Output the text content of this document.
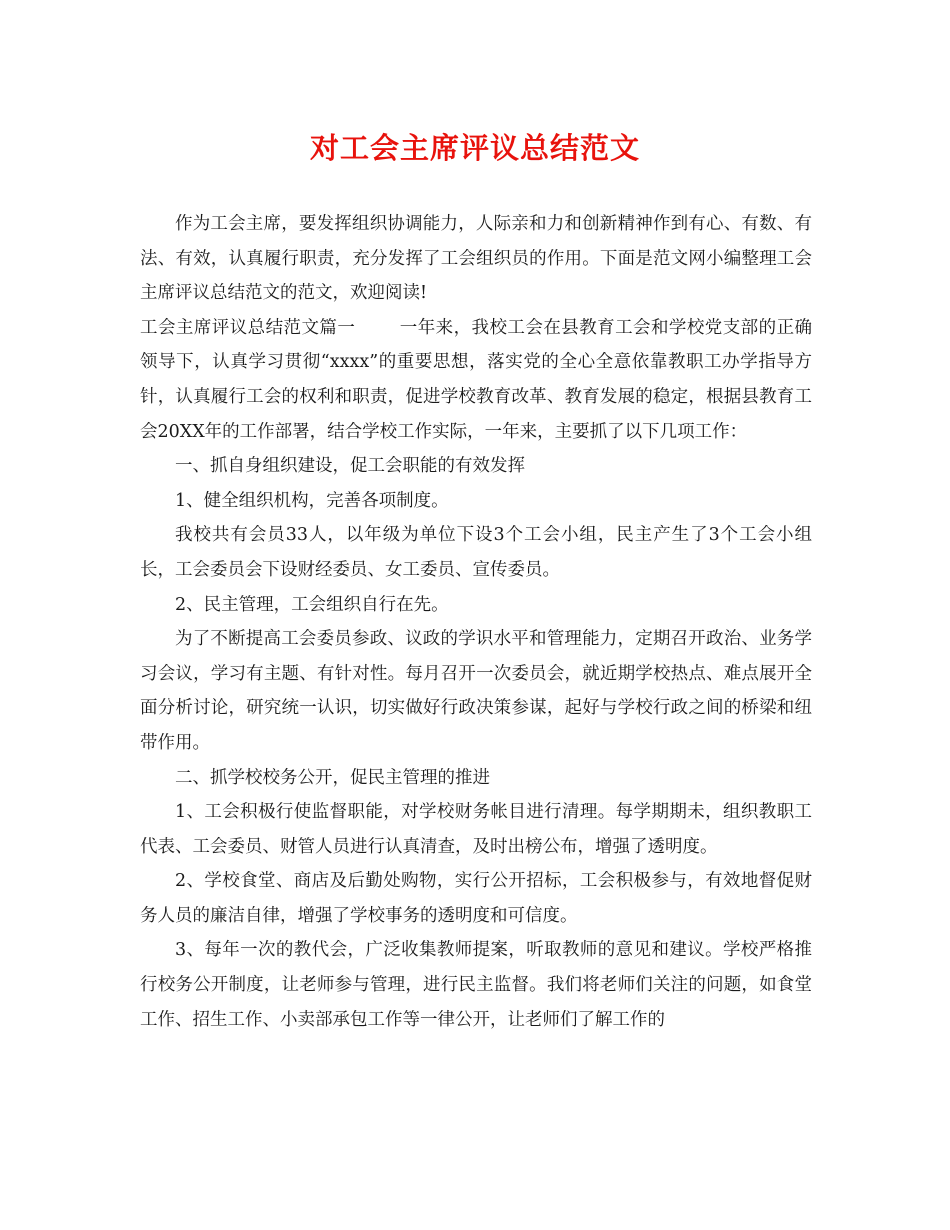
对工会主席评议总结范文

作为工会主席，要发挥组织协调能力，人际亲和力和创新精神作到有心、有数、有法、有效，认真履行职责，充分发挥了工会组织员的作用。下面是范文网小编整理工会主席评议总结范文的范文，欢迎阅读!

工会主席评议总结范文篇一	一年来，我校工会在县教育工会和学校党支部的正确领导下，认真学习贯彻“xxxx”的重要思想，落实党的全心全意依靠教职工办学指导方针，认真履行工会的权利和职责，促进学校教育改革、教育发展的稳定，根据县教育工会20XX年的工作部署，结合学校工作实际，一年来，主要抓了以下几项工作：

一、抓自身组织建设，促工会职能的有效发挥

1、健全组织机构，完善各项制度。

我校共有会员33人，以年级为单位下设3个工会小组，民主产生了3个工会小组长，工会委员会下设财经委员、女工委员、宣传委员。

2、民主管理，工会组织自行在先。

为了不断提高工会委员参政、议政的学识水平和管理能力，定期召开政治、业务学习会议，学习有主题、有针对性。每月召开一次委员会，就近期学校热点、难点展开全面分析讨论，研究统一认识，切实做好行政决策参谋，起好与学校行政之间的桥梁和纽带作用。

二、抓学校校务公开，促民主管理的推进

1、工会积极行使监督职能，对学校财务帐目进行清理。每学期期未，组织教职工代表、工会委员、财管人员进行认真清查，及时出榜公布，增强了透明度。

2、学校食堂、商店及后勤处购物，实行公开招标，工会积极参与，有效地督促财务人员的廉洁自律，增强了学校事务的透明度和可信度。

3、每年一次的教代会，广泛收集教师提案，听取教师的意见和建议。学校严格推行校务公开制度，让老师参与管理，进行民主监督。我们将老师们关注的问题，如食堂工作、招生工作、小卖部承包工作等一律公开，让老师们了解工作的
